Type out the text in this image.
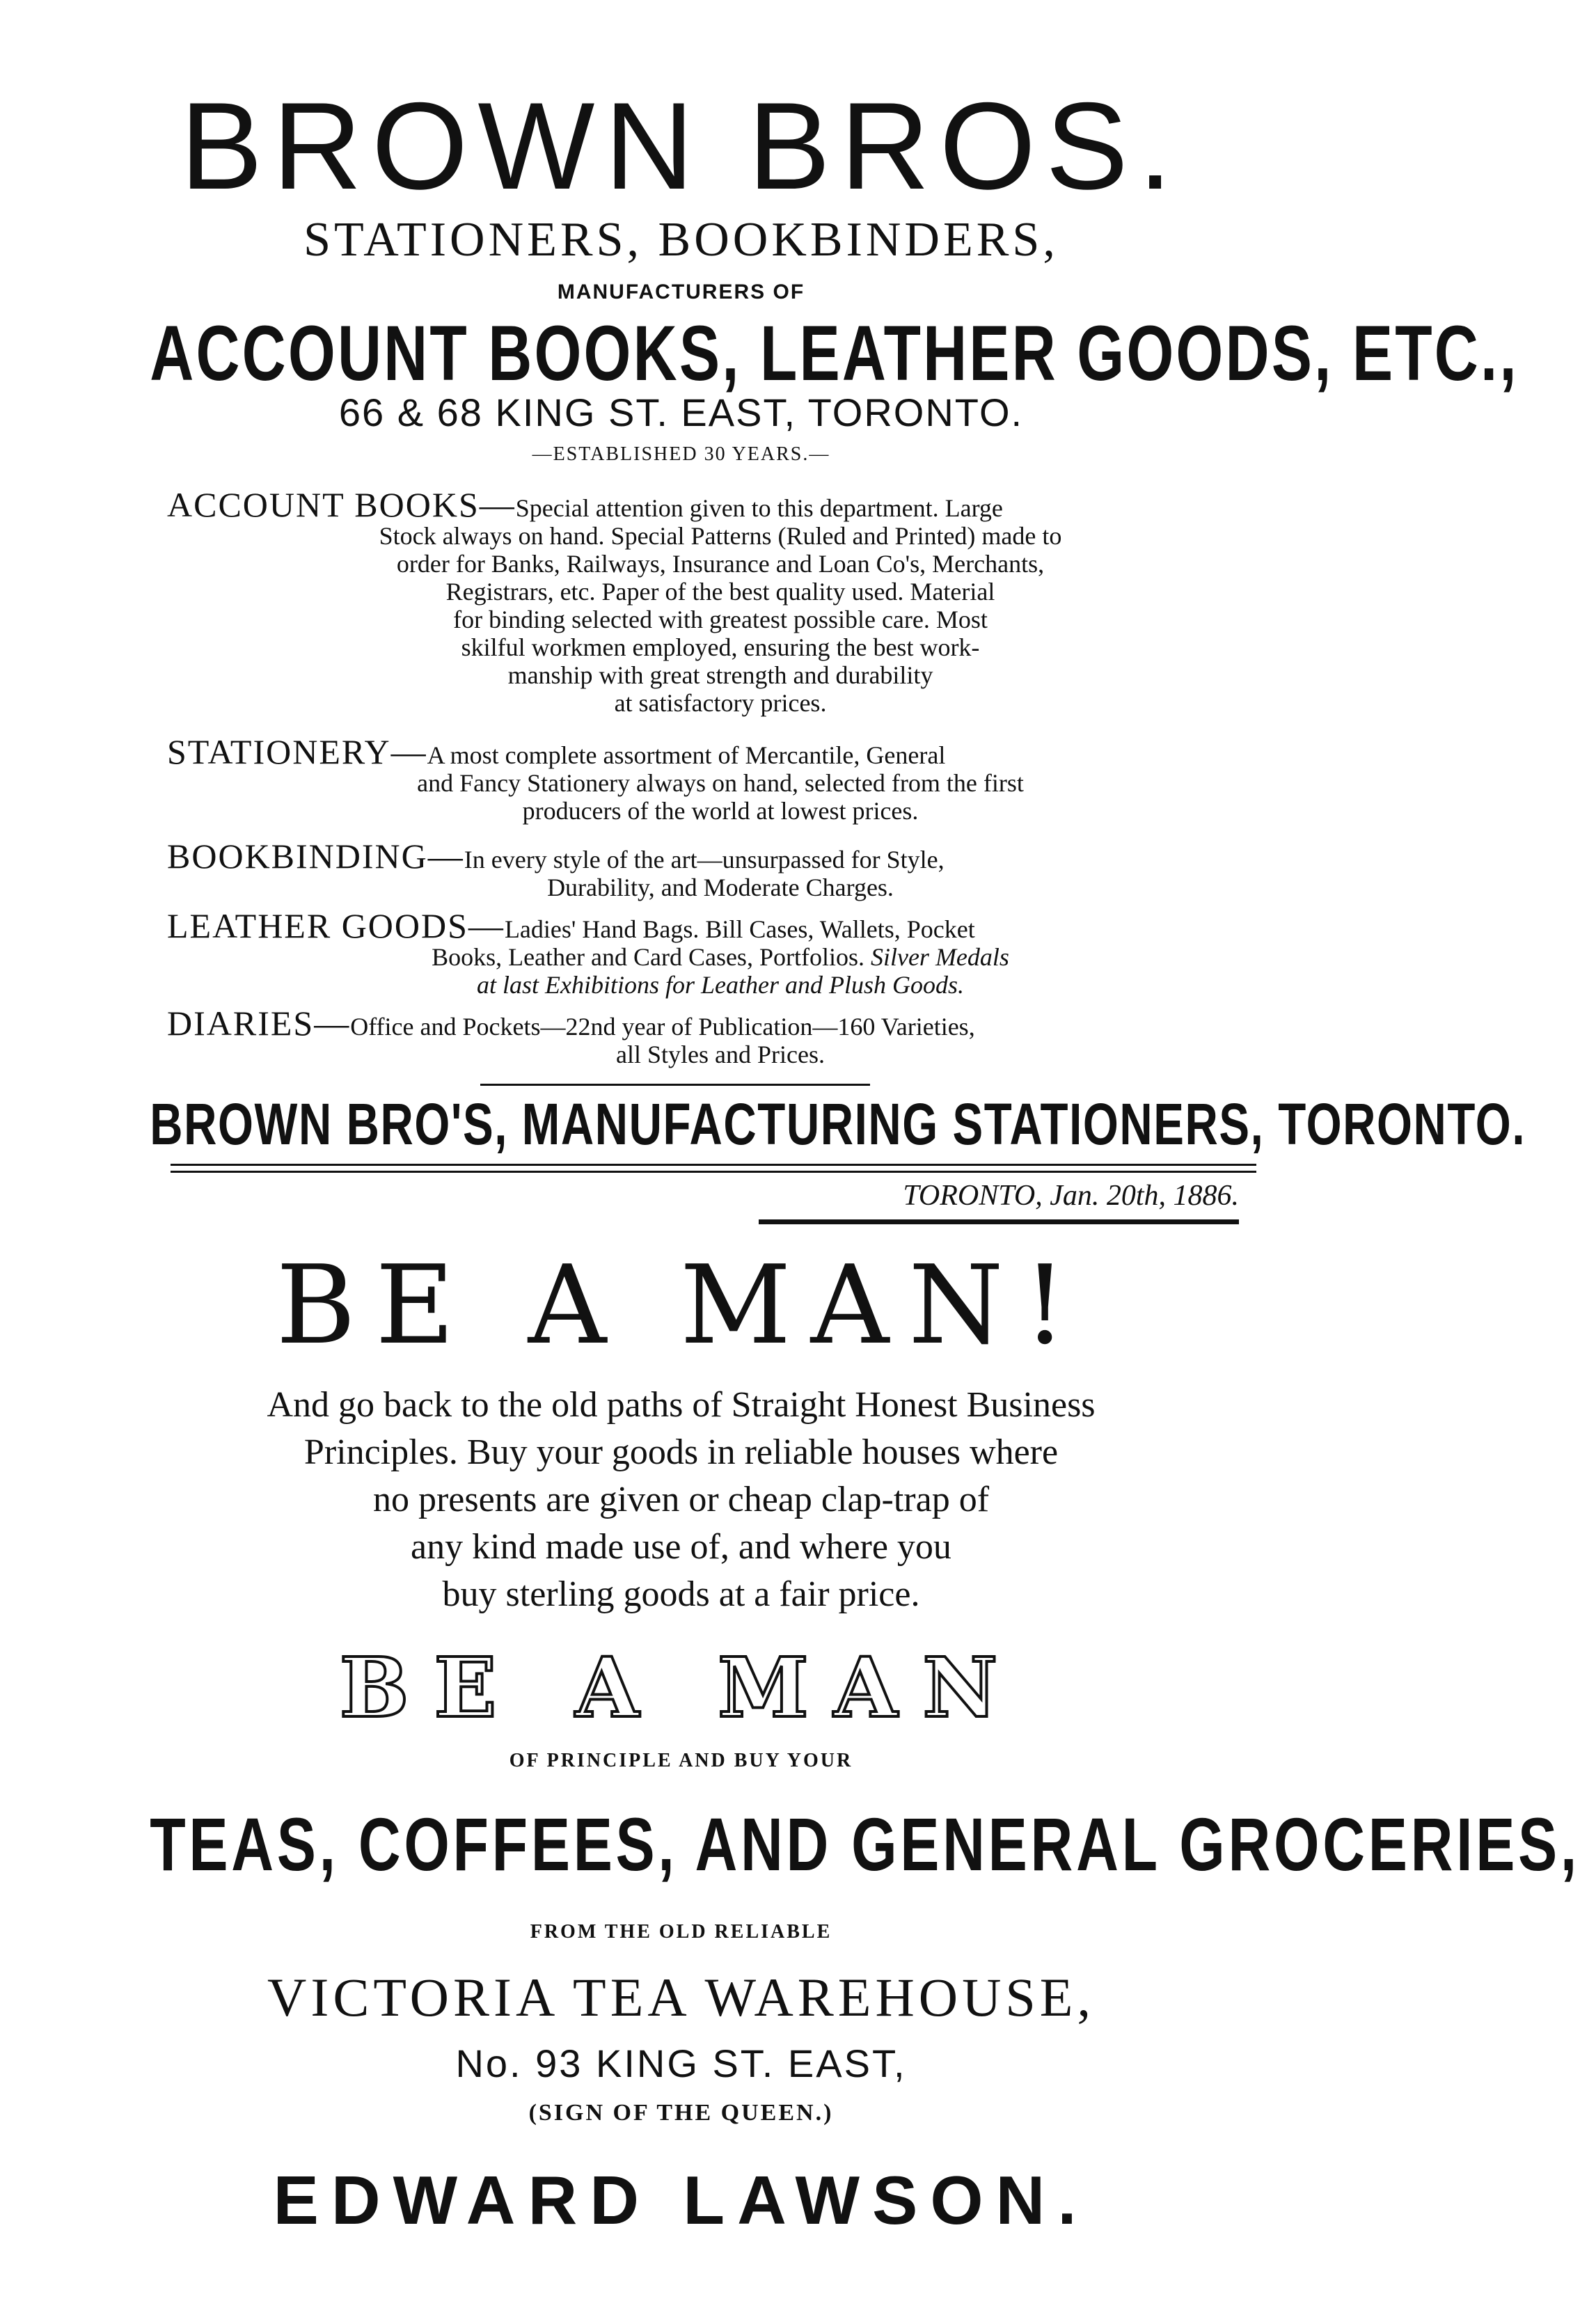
BROWN BROS.
STATIONERS, BOOKBINDERS,
MANUFACTURERS OF
ACCOUNT BOOKS, LEATHER GOODS, ETC.,
66 & 68 KING ST. EAST, TORONTO.
—ESTABLISHED 30 YEARS.—
ACCOUNT BOOKS—Special attention given to this department. Large
Stock always on hand. Special Patterns (Ruled and Printed) made to
order for Banks, Railways, Insurance and Loan Co's, Merchants,
Registrars, etc. Paper of the best quality used. Material
for binding selected with greatest possible care. Most
skilful workmen employed, ensuring the best work-
manship with great strength and durability
at satisfactory prices.
STATIONERY—A most complete assortment of Mercantile, General
and Fancy Stationery always on hand, selected from the first
producers of the world at lowest prices.
BOOKBINDING—In every style of the art—unsurpassed for Style,
Durability, and Moderate Charges.
LEATHER GOODS—Ladies' Hand Bags. Bill Cases, Wallets, Pocket
Books, Leather and Card Cases, Portfolios. Silver Medals
at last Exhibitions for Leather and Plush Goods.
DIARIES—Office and Pockets—22nd year of Publication—160 Varieties,
all Styles and Prices.
BROWN BRO'S, MANUFACTURING STATIONERS, TORONTO.
TORONTO, Jan. 20th, 1886.
BE A MAN!
And go back to the old paths of Straight Honest Business
Principles. Buy your goods in reliable houses where
no presents are given or cheap clap-trap of
any kind made use of, and where you
buy sterling goods at a fair price.
BE A MAN
OF PRINCIPLE AND BUY YOUR
TEAS, COFFEES, AND GENERAL GROCERIES,
FROM THE OLD RELIABLE
VICTORIA TEA WAREHOUSE,
No. 93 KING ST. EAST,
(SIGN OF THE QUEEN.)
EDWARD LAWSON.
